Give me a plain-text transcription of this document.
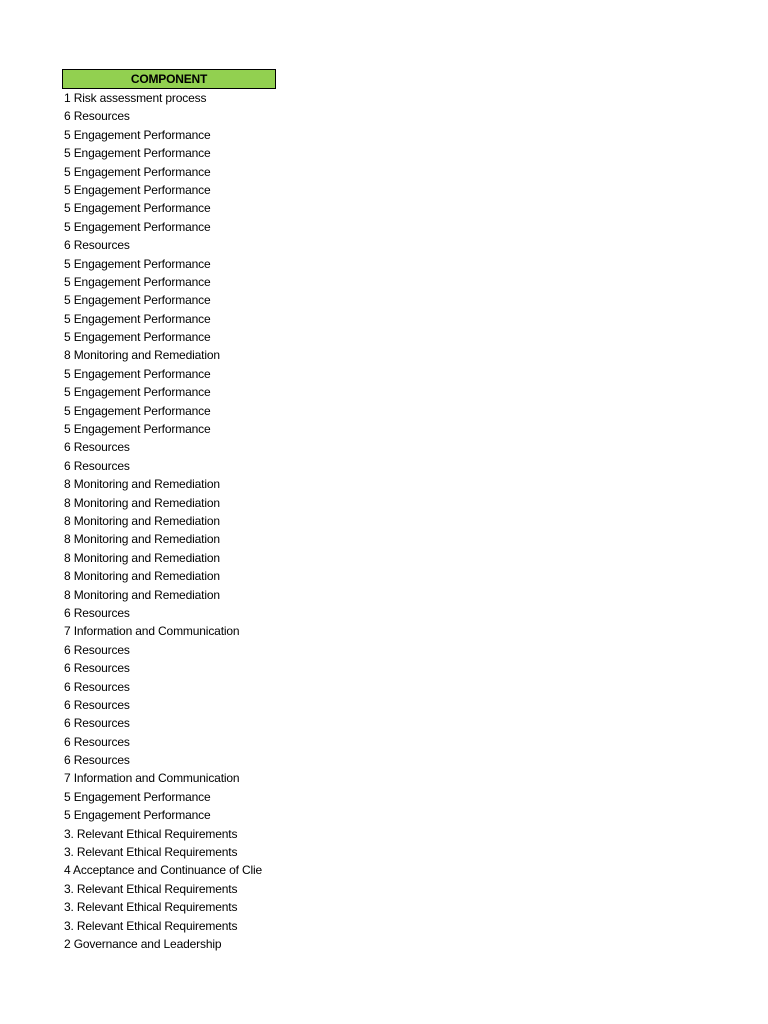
COMPONENT
1 Risk assessment process
6 Resources
5 Engagement Performance
5 Engagement Performance
5 Engagement Performance
5 Engagement Performance
5 Engagement Performance
5 Engagement Performance
6 Resources
5 Engagement Performance
5 Engagement Performance
5 Engagement Performance
5 Engagement Performance
5 Engagement Performance
8 Monitoring and Remediation
5 Engagement Performance
5 Engagement Performance
5 Engagement Performance
5 Engagement Performance
6 Resources
6 Resources
8 Monitoring and Remediation
8 Monitoring and Remediation
8 Monitoring and Remediation
8 Monitoring and Remediation
8 Monitoring and Remediation
8 Monitoring and Remediation
8 Monitoring and Remediation
6 Resources
7 Information and Communication
6 Resources
6 Resources
6 Resources
6 Resources
6 Resources
6 Resources
6 Resources
7 Information and Communication
5 Engagement Performance
5 Engagement Performance
3. Relevant Ethical Requirements
3. Relevant Ethical Requirements
4 Acceptance and Continuance of Clie
3. Relevant Ethical Requirements
3. Relevant Ethical Requirements
3. Relevant Ethical Requirements
2 Governance and Leadership
